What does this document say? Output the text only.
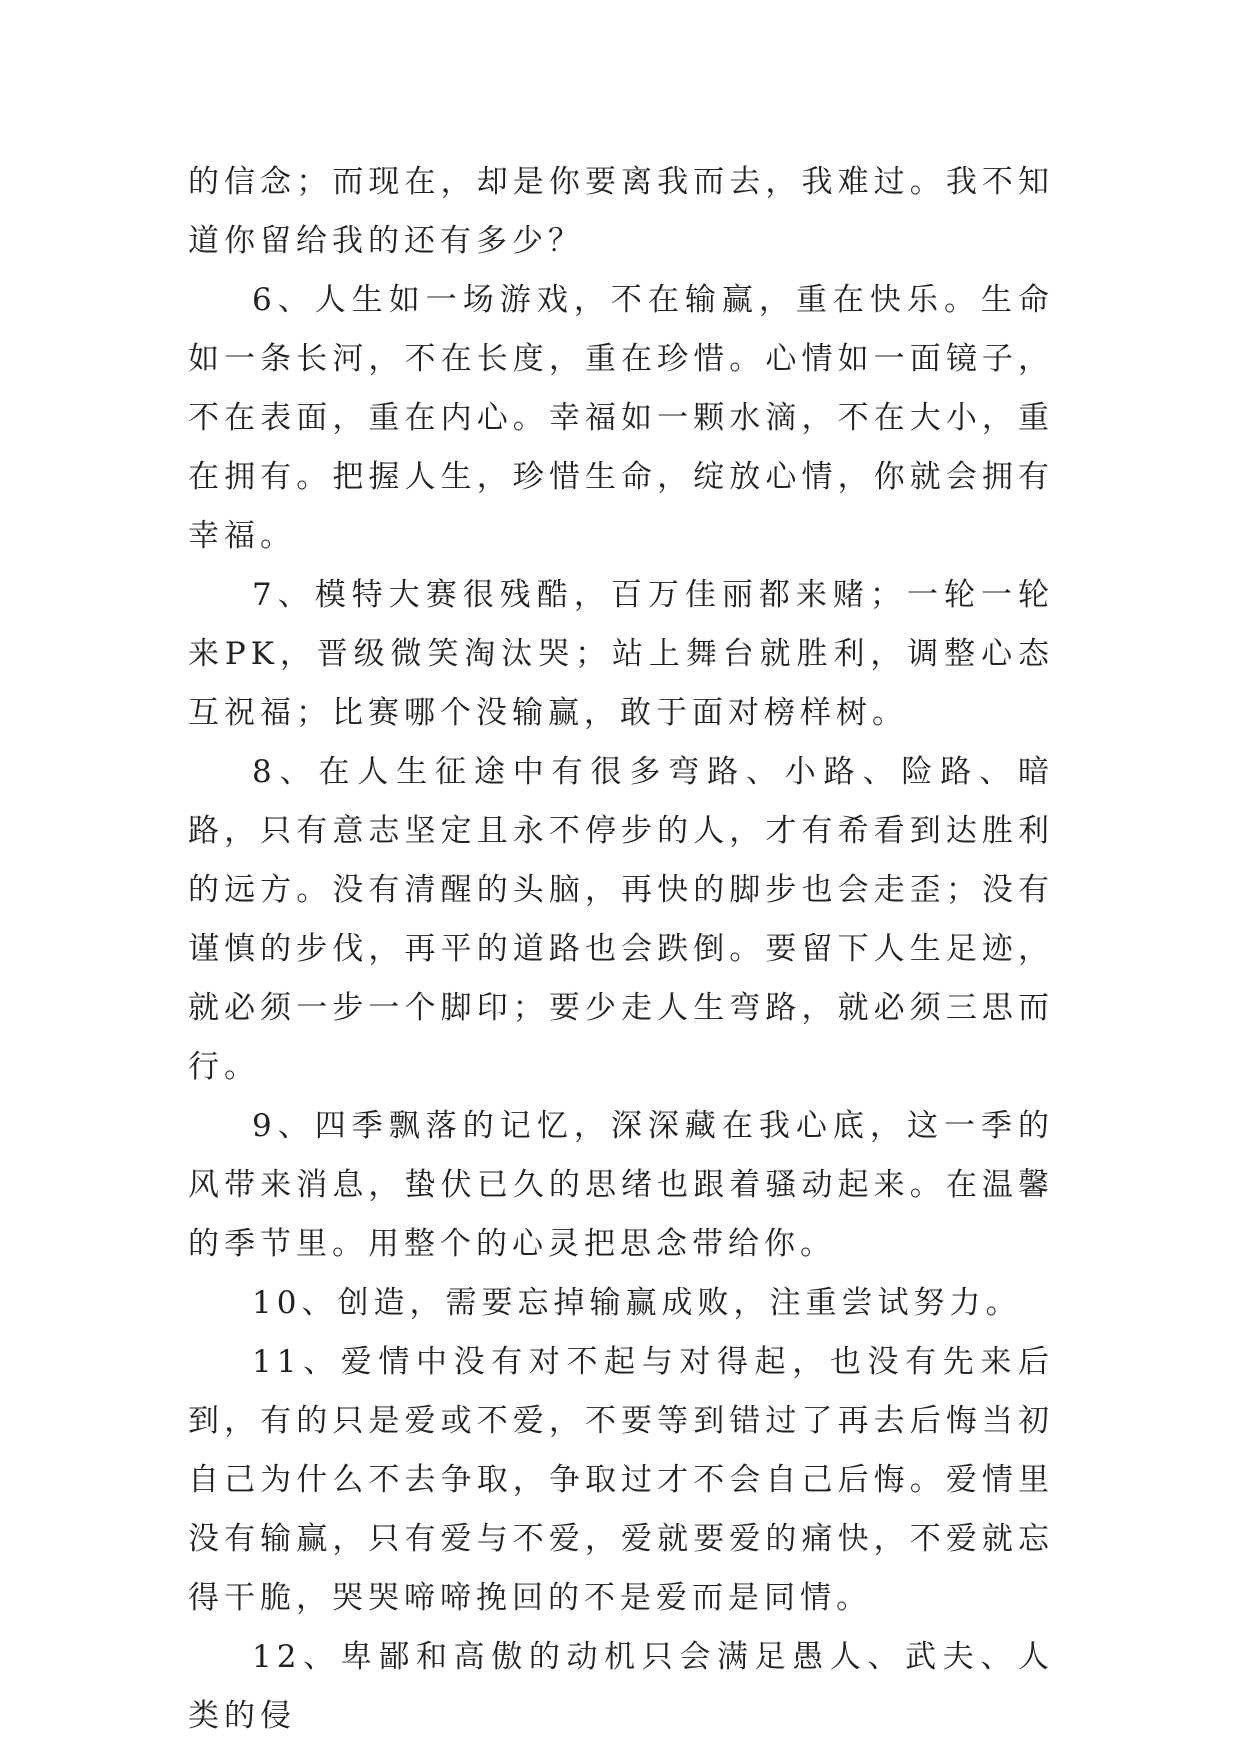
的信念；而现在，却是你要离我而去，我难过。我不知道你留给我的还有多少？

6、人生如一场游戏，不在输赢，重在快乐。生命如一条长河，不在长度，重在珍惜。心情如一面镜子，不在表面，重在内心。幸福如一颗水滴，不在大小，重在拥有。把握人生，珍惜生命，绽放心情，你就会拥有幸福。

7、模特大赛很残酷，百万佳丽都来赌；一轮一轮来PK，晋级微笑淘汰哭；站上舞台就胜利，调整心态互祝福；比赛哪个没输赢，敢于面对榜样树。

8、在人生征途中有很多弯路、小路、险路、暗路，只有意志坚定且永不停步的人，才有希看到达胜利的远方。没有清醒的头脑，再快的脚步也会走歪；没有谨慎的步伐，再平的道路也会跌倒。要留下人生足迹，就必须一步一个脚印；要少走人生弯路，就必须三思而行。

9、四季飘落的记忆，深深藏在我心底，这一季的风带来消息，蛰伏已久的思绪也跟着骚动起来。在温馨的季节里。用整个的心灵把思念带给你。

10、创造，需要忘掉输赢成败，注重尝试努力。

11、爱情中没有对不起与对得起，也没有先来后到，有的只是爱或不爱，不要等到错过了再去后悔当初自己为什么不去争取，争取过才不会自己后悔。爱情里没有输赢，只有爱与不爱，爱就要爱的痛快，不爱就忘得干脆，哭哭啼啼挽回的不是爱而是同情。

12、卑鄙和高傲的动机只会满足愚人、武夫、人类的侵
